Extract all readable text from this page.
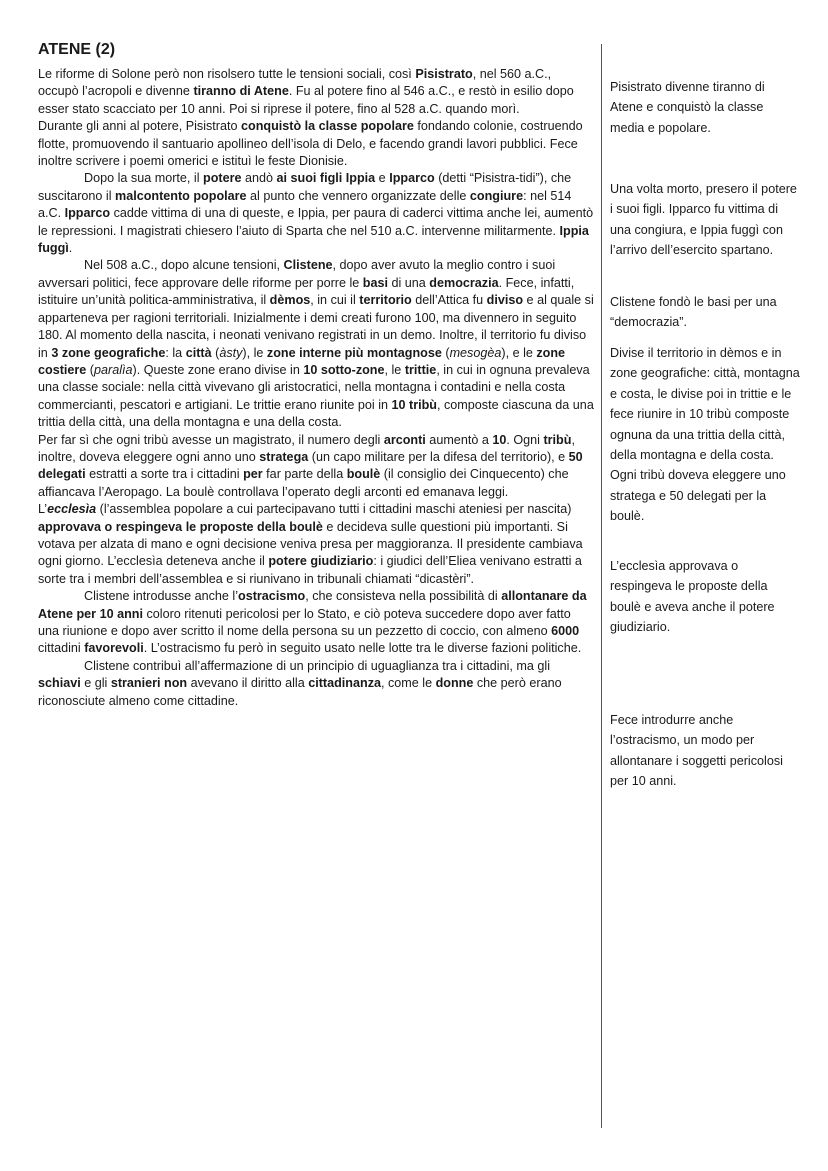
ATENE (2)

Le riforme di Solone però non risolsero tutte le tensioni sociali, così Pisistrato, nel 560 a.C., occupò l’acropoli e divenne tiranno di Atene. Fu al potere fino al 546 a.C., e restò in esilio dopo esser stato scacciato per 10 anni. Poi si riprese il potere, fino al 528 a.C. quando morì.

Durante gli anni al potere, Pisistrato conquistò la classe popolare fondando colonie, costruendo flotte, promuovendo il santuario apollineo dell’isola di Delo, e facendo grandi lavori pubblici. Fece inoltre scrivere i poemi omerici e istituì le feste Dionisie.

Dopo la sua morte, il potere andò ai suoi figli Ippia e Ipparco (detti “Pisistra-tidi”), che suscitarono il malcontento popolare al punto che vennero organizzate delle congiure: nel 514 a.C. Ipparco cadde vittima di una di queste, e Ippia, per paura di caderci vittima anche lei, aumentò le repressioni. I magistrati chiesero l’aiuto di Sparta che nel 510 a.C. intervenne militarmente. Ippia fuggì.

Nel 508 a.C., dopo alcune tensioni, Clistene, dopo aver avuto la meglio contro i suoi avversari politici, fece approvare delle riforme per porre le basi di una democrazia. Fece, infatti, istituire un’unità politica-amministrativa, il dèmos, in cui il territorio dell’Attica fu diviso e al quale si apparteneva per ragioni territoriali. Inizialmente i demi creati furono 100, ma divennero in seguito 180. Al momento della nascita, i neonati venivano registrati in un demo. Inoltre, il territorio fu diviso in 3 zone geografiche: la città (àsty), le zone interne più montagnose (mesogèa), e le zone costiere (paralìa). Queste zone erano divise in 10 sotto-zone, le trittie, in cui in ognuna prevaleva una classe sociale: nella città vivevano gli aristocratici, nella montagna i contadini e nella costa commercianti, pescatori e artigiani. Le trittie erano riunite poi in 10 tribù, composte ciascuna da una trittia della città, una della montagna e una della costa.

Per far sì che ogni tribù avesse un magistrato, il numero degli arconti aumentò a 10. Ogni tribù, inoltre, doveva eleggere ogni anno uno stratega (un capo militare per la difesa del territorio), e 50 delegati estratti a sorte tra i cittadini per far parte della boulè (il consiglio dei Cinquecento) che affiancava l’Aeropago. La boulè controllava l’operato degli arconti ed emanava leggi.

L’ecclesìa (l’assemblea popolare a cui partecipavano tutti i cittadini maschi ateniesi per nascita) approvava o respingeva le proposte della boulè e decideva sulle questioni più importanti. Si votava per alzata di mano e ogni decisione veniva presa per maggioranza. Il presidente cambiava ogni giorno. L’ecclesìa deteneva anche il potere giudiziario: i giudici dell’Eliea venivano estratti a sorte tra i membri dell’assemblea e si riunivano in tribunali chiamati “dicastèri”.

Clistene introdusse anche l’ostracismo, che consisteva nella possibilità di allontanare da Atene per 10 anni coloro ritenuti pericolosi per lo Stato, e ciò poteva succedere dopo aver fatto una riunione e dopo aver scritto il nome della persona su un pezzetto di coccio, con almeno 6000 cittadini favorevoli. L’ostracismo fu però in seguito usato nelle lotte tra le diverse fazioni politiche.

Clistene contribuì all’affermazione di un principio di uguaglianza tra i cittadini, ma gli schiavi e gli stranieri non avevano il diritto alla cittadinanza, come le donne che però erano riconosciute almeno come cittadine.

Pisistrato divenne tiranno di Atene e conquistò la classe media e popolare.
Una volta morto, presero il potere i suoi figli. Ipparco fu vittima di una congiura, e Ippia fuggì con l’arrivo dell’esercito spartano.
Clistene fondò le basi per una “democrazia”.
Divise il territorio in dèmos e in zone geografiche: città, montagna e costa, le divise poi in trittie e le fece riunire in 10 tribù composte ognuna da una trittia della città, della montagna e della costa. Ogni tribù doveva eleggere uno stratega e 50 delegati per la boulè.
L’ecclesìa approvava o respingeva le proposte della boulè e aveva anche il potere giudiziario.
Fece introdurre anche l’ostracismo, un modo per allontanare i soggetti pericolosi per 10 anni.
